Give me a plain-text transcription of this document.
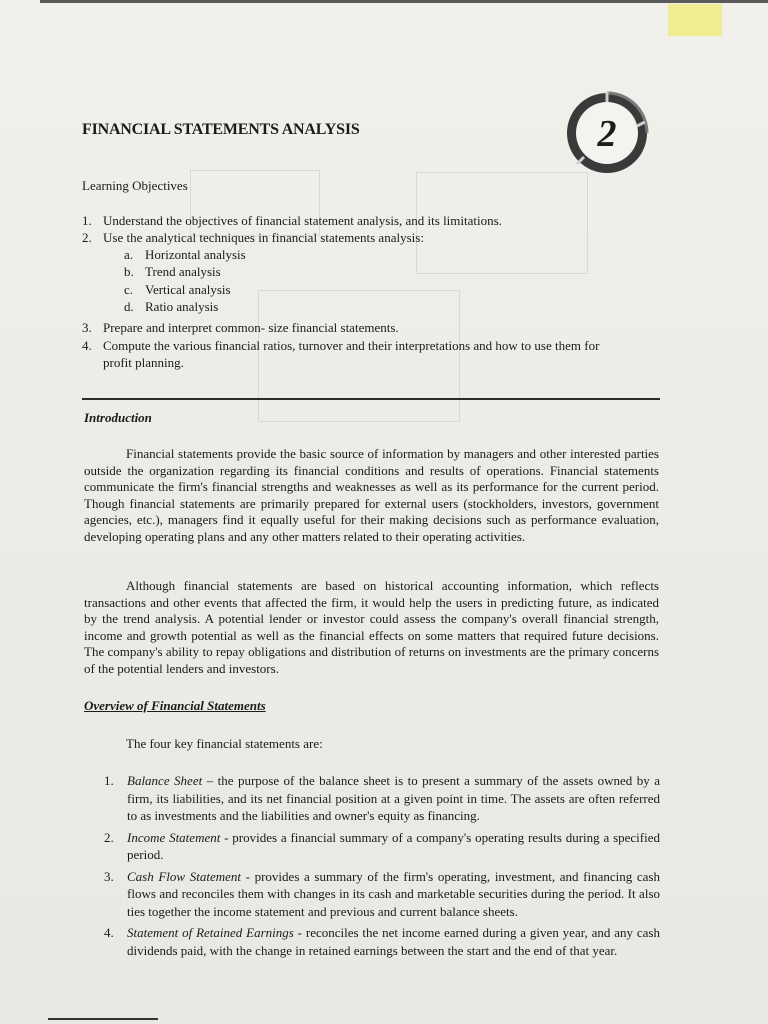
FINANCIAL STATEMENTS ANALYSIS	2
Learning Objectives
1. Understand the objectives of financial statement analysis, and its limitations.
2. Use the analytical techniques in financial statements analysis:
a. Horizontal analysis
b. Trend analysis
c. Vertical analysis
d. Ratio analysis
3. Prepare and interpret common- size financial statements.
4. Compute the various financial ratios, turnover and their interpretations and how to use them for
profit planning.
Introduction
Financial statements provide the basic source of information by managers and other interested parties outside the organization regarding its financial conditions and results of operations. Financial statements communicate the firm's financial strengths and weaknesses as well as its performance for the current period. Though financial statements are primarily prepared for external users (stockholders, investors, government agencies, etc.), managers find it equally useful for their making decisions such as performance evaluation, developing operating plans and any other matters related to their operating activities.
Although financial statements are based on historical accounting information, which reflects transactions and other events that affected the firm, it would help the users in predicting future, as indicated by the trend analysis. A potential lender or investor could assess the company's overall financial strength, income and growth potential as well as the financial effects on some matters that required future decisions. The company's ability to repay obligations and distribution of returns on investments are the primary concerns of the potential lenders and investors.
Overview of Financial Statements
The four key financial statements are:
1. Balance Sheet – the purpose of the balance sheet is to present a summary of the assets owned by a firm, its liabilities, and its net financial position at a given point in time. The assets are often referred to as investments and the liabilities and owner's equity as financing.
2. Income Statement - provides a financial summary of a company's operating results during a specified period.
3. Cash Flow Statement - provides a summary of the firm's operating, investment, and financing cash flows and reconciles them with changes in its cash and marketable securities during the period. It also ties together the income statement and previous and current balance sheets.
4. Statement of Retained Earnings - reconciles the net income earned during a given year, and any cash dividends paid, with the change in retained earnings between the start and the end of that year.
